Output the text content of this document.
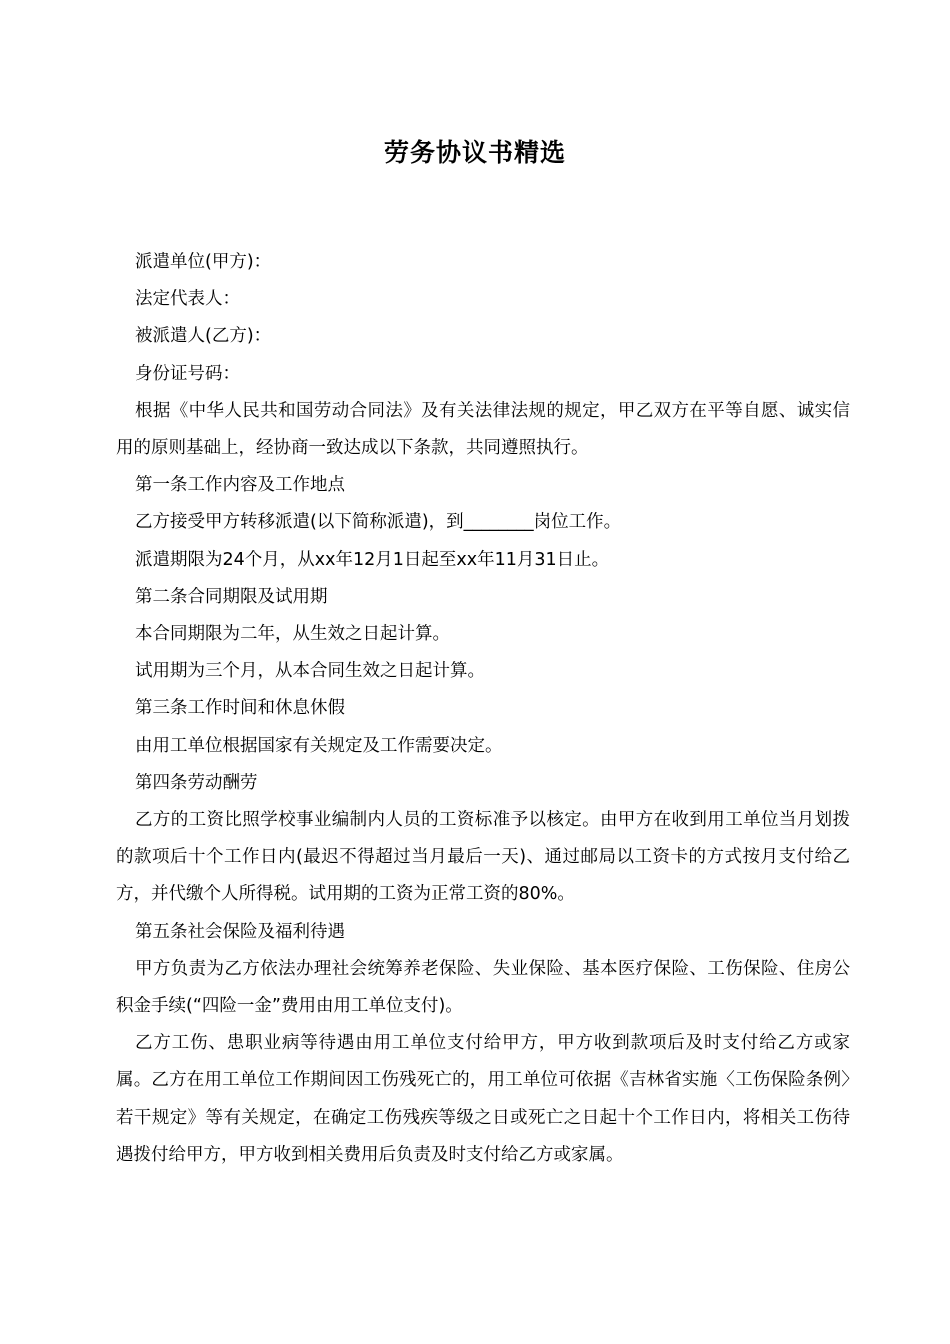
劳务协议书精选

派遣单位(甲方)：

法定代表人：

被派遣人(乙方)：

身份证号码：

根据《中华人民共和国劳动合同法》及有关法律法规的规定，甲乙双方在平等自愿、诚实信用的原则基础上，经协商一致达成以下条款，共同遵照执行。

第一条工作内容及工作地点

乙方接受甲方转移派遣(以下简称派遣)，到________岗位工作。

派遣期限为24个月，从xx年12月1日起至xx年11月31日止。

第二条合同期限及试用期

本合同期限为二年，从生效之日起计算。

试用期为三个月，从本合同生效之日起计算。

第三条工作时间和休息休假

由用工单位根据国家有关规定及工作需要决定。

第四条劳动酬劳

乙方的工资比照学校事业编制内人员的工资标准予以核定。由甲方在收到用工单位当月划拨的款项后十个工作日内(最迟不得超过当月最后一天)、通过邮局以工资卡的方式按月支付给乙方，并代缴个人所得税。试用期的工资为正常工资的80%。

第五条社会保险及福利待遇

甲方负责为乙方依法办理社会统筹养老保险、失业保险、基本医疗保险、工伤保险、住房公积金手续(“四险一金”费用由用工单位支付)。

乙方工伤、患职业病等待遇由用工单位支付给甲方，甲方收到款项后及时支付给乙方或家属。乙方在用工单位工作期间因工伤残死亡的，用工单位可依据《吉林省实施〈工伤保险条例〉若干规定》等有关规定，在确定工伤残疾等级之日或死亡之日起十个工作日内，将相关工伤待遇拨付给甲方，甲方收到相关费用后负责及时支付给乙方或家属。
